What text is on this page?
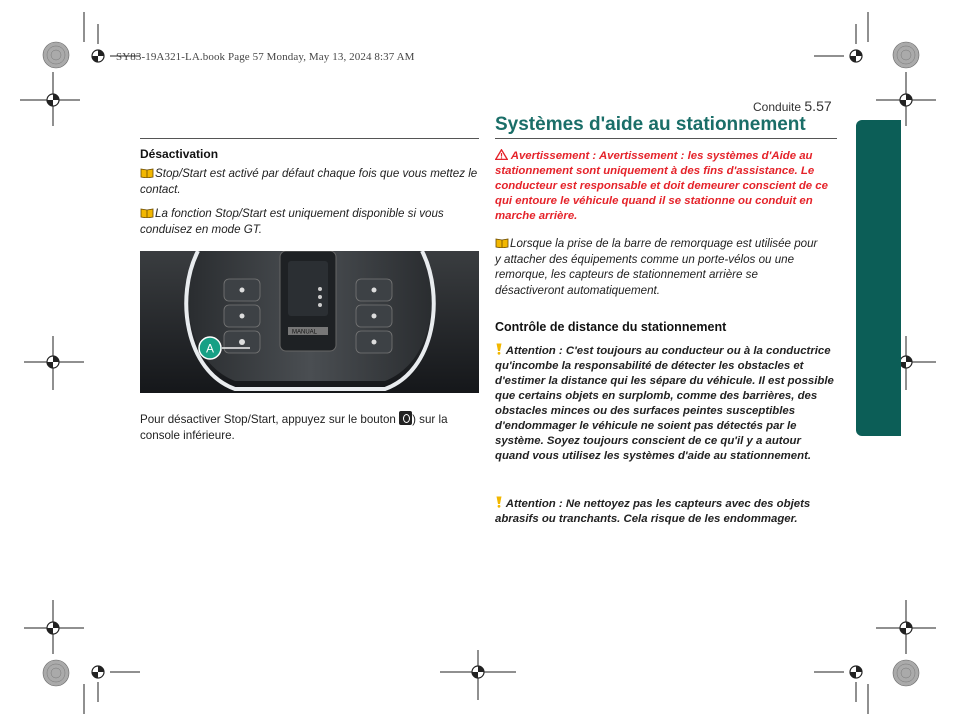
SY83-19A321-LA.book Page 57 Monday, May 13, 2024 8:37 AM
Conduite 5.57
Désactivation
Stop/Start est activé par défaut chaque fois que vous mettez le contact.
La fonction Stop/Start est uniquement disponible si vous conduisez en mode GT.
MANUAL
A
Pour désactiver Stop/Start, appuyez sur le bouton ) sur la console inférieure.
Systèmes d'aide au stationnement
Avertissement : Avertissement : les systèmes d'Aide au stationnement sont uniquement à des fins d'assistance. Le conducteur est responsable et doit demeurer conscient de ce qui entoure le véhicule quand il se stationne ou conduit en marche arrière.
Lorsque la prise de la barre de remorquage est utilisée pour y attacher des équipements comme un porte-vélos ou une remorque, les capteurs de stationnement arrière se désactiveront automatiquement.
Contrôle de distance du stationnement
Attention : C'est toujours au conducteur ou à la conductrice qu'incombe la responsabilité de détecter les obstacles et d'estimer la distance qui les sépare du véhicule. Il est possible que certains objets en surplomb, comme des barrières, des obstacles minces ou des surfaces peintes susceptibles d'endommager le véhicule ne soient pas détectés par le système. Soyez toujours conscient de ce qu'il y a autour quand vous utilisez les systèmes d'aide au stationnement.
Attention : Ne nettoyez pas les capteurs avec des objets abrasifs ou tranchants. Cela risque de les endommager.
